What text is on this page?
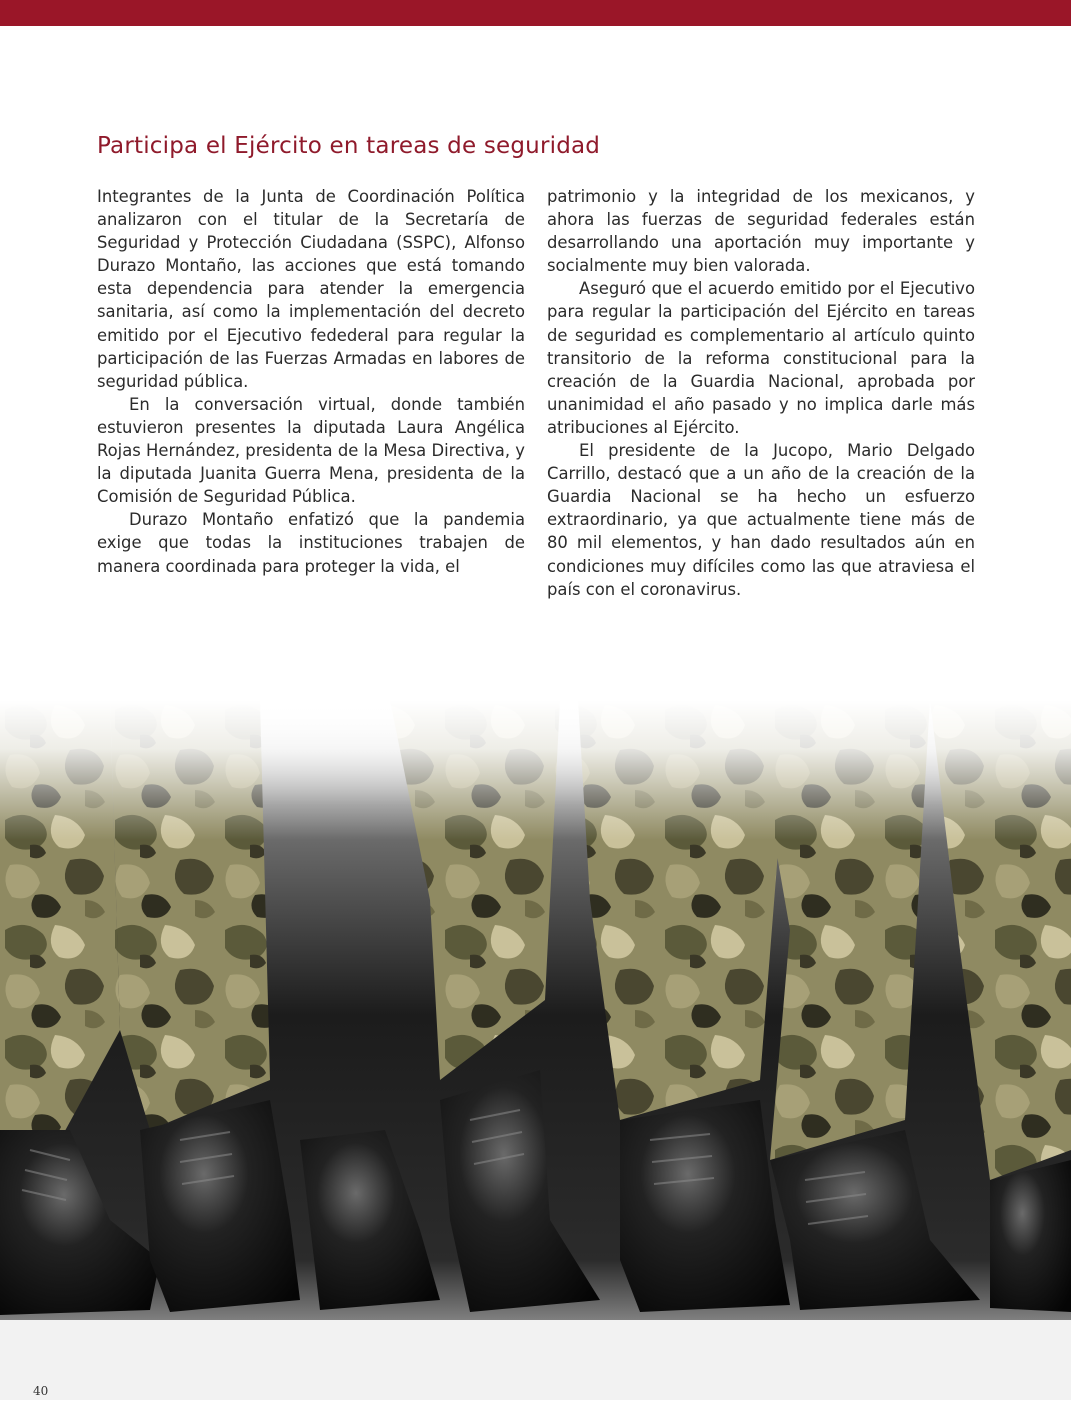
Participa el Ejército en tareas de seguridad

Integrantes de la Junta de Coordinación Política analizaron con el titular de la Secretaría de Seguridad y Protección Ciudadana (SSPC), Alfonso Durazo Montaño, las acciones que está tomando esta dependencia para atender la emergencia sanitaria, así como la implementación del decreto emitido por el Ejecutivo fedederal para regular la participación de las Fuerzas Armadas en labores de seguridad pública.

En la conversación virtual, donde también estuvieron presentes la diputada Laura Angélica Rojas Hernández, presidenta de la Mesa Directiva, y la diputada Juanita Guerra Mena, presidenta de la Comisión de Seguridad Pública.

Durazo Montaño enfatizó que la pandemia exige que todas la instituciones trabajen de manera coordinada para proteger la vida, el

patrimonio y la integridad de los mexicanos, y ahora las fuerzas de seguridad federales están desarrollando una aportación muy importante y socialmente muy bien valorada.

Aseguró que el acuerdo emitido por el Ejecutivo para regular la participación del Ejército en tareas de seguridad es complementario al artículo quinto transitorio de la reforma constitucional para la creación de la Guardia Nacional, aprobada por unanimidad el año pasado y no implica darle más atribuciones al Ejército.

El presidente de la Jucopo, Mario Delgado Carrillo, destacó que a un año de la creación de la Guardia Nacional se ha hecho un esfuerzo extraordinario, ya que actualmente tiene más de 80 mil elementos, y han dado resultados aún en condiciones muy difíciles como las que atraviesa el país con el coronavirus.

40
